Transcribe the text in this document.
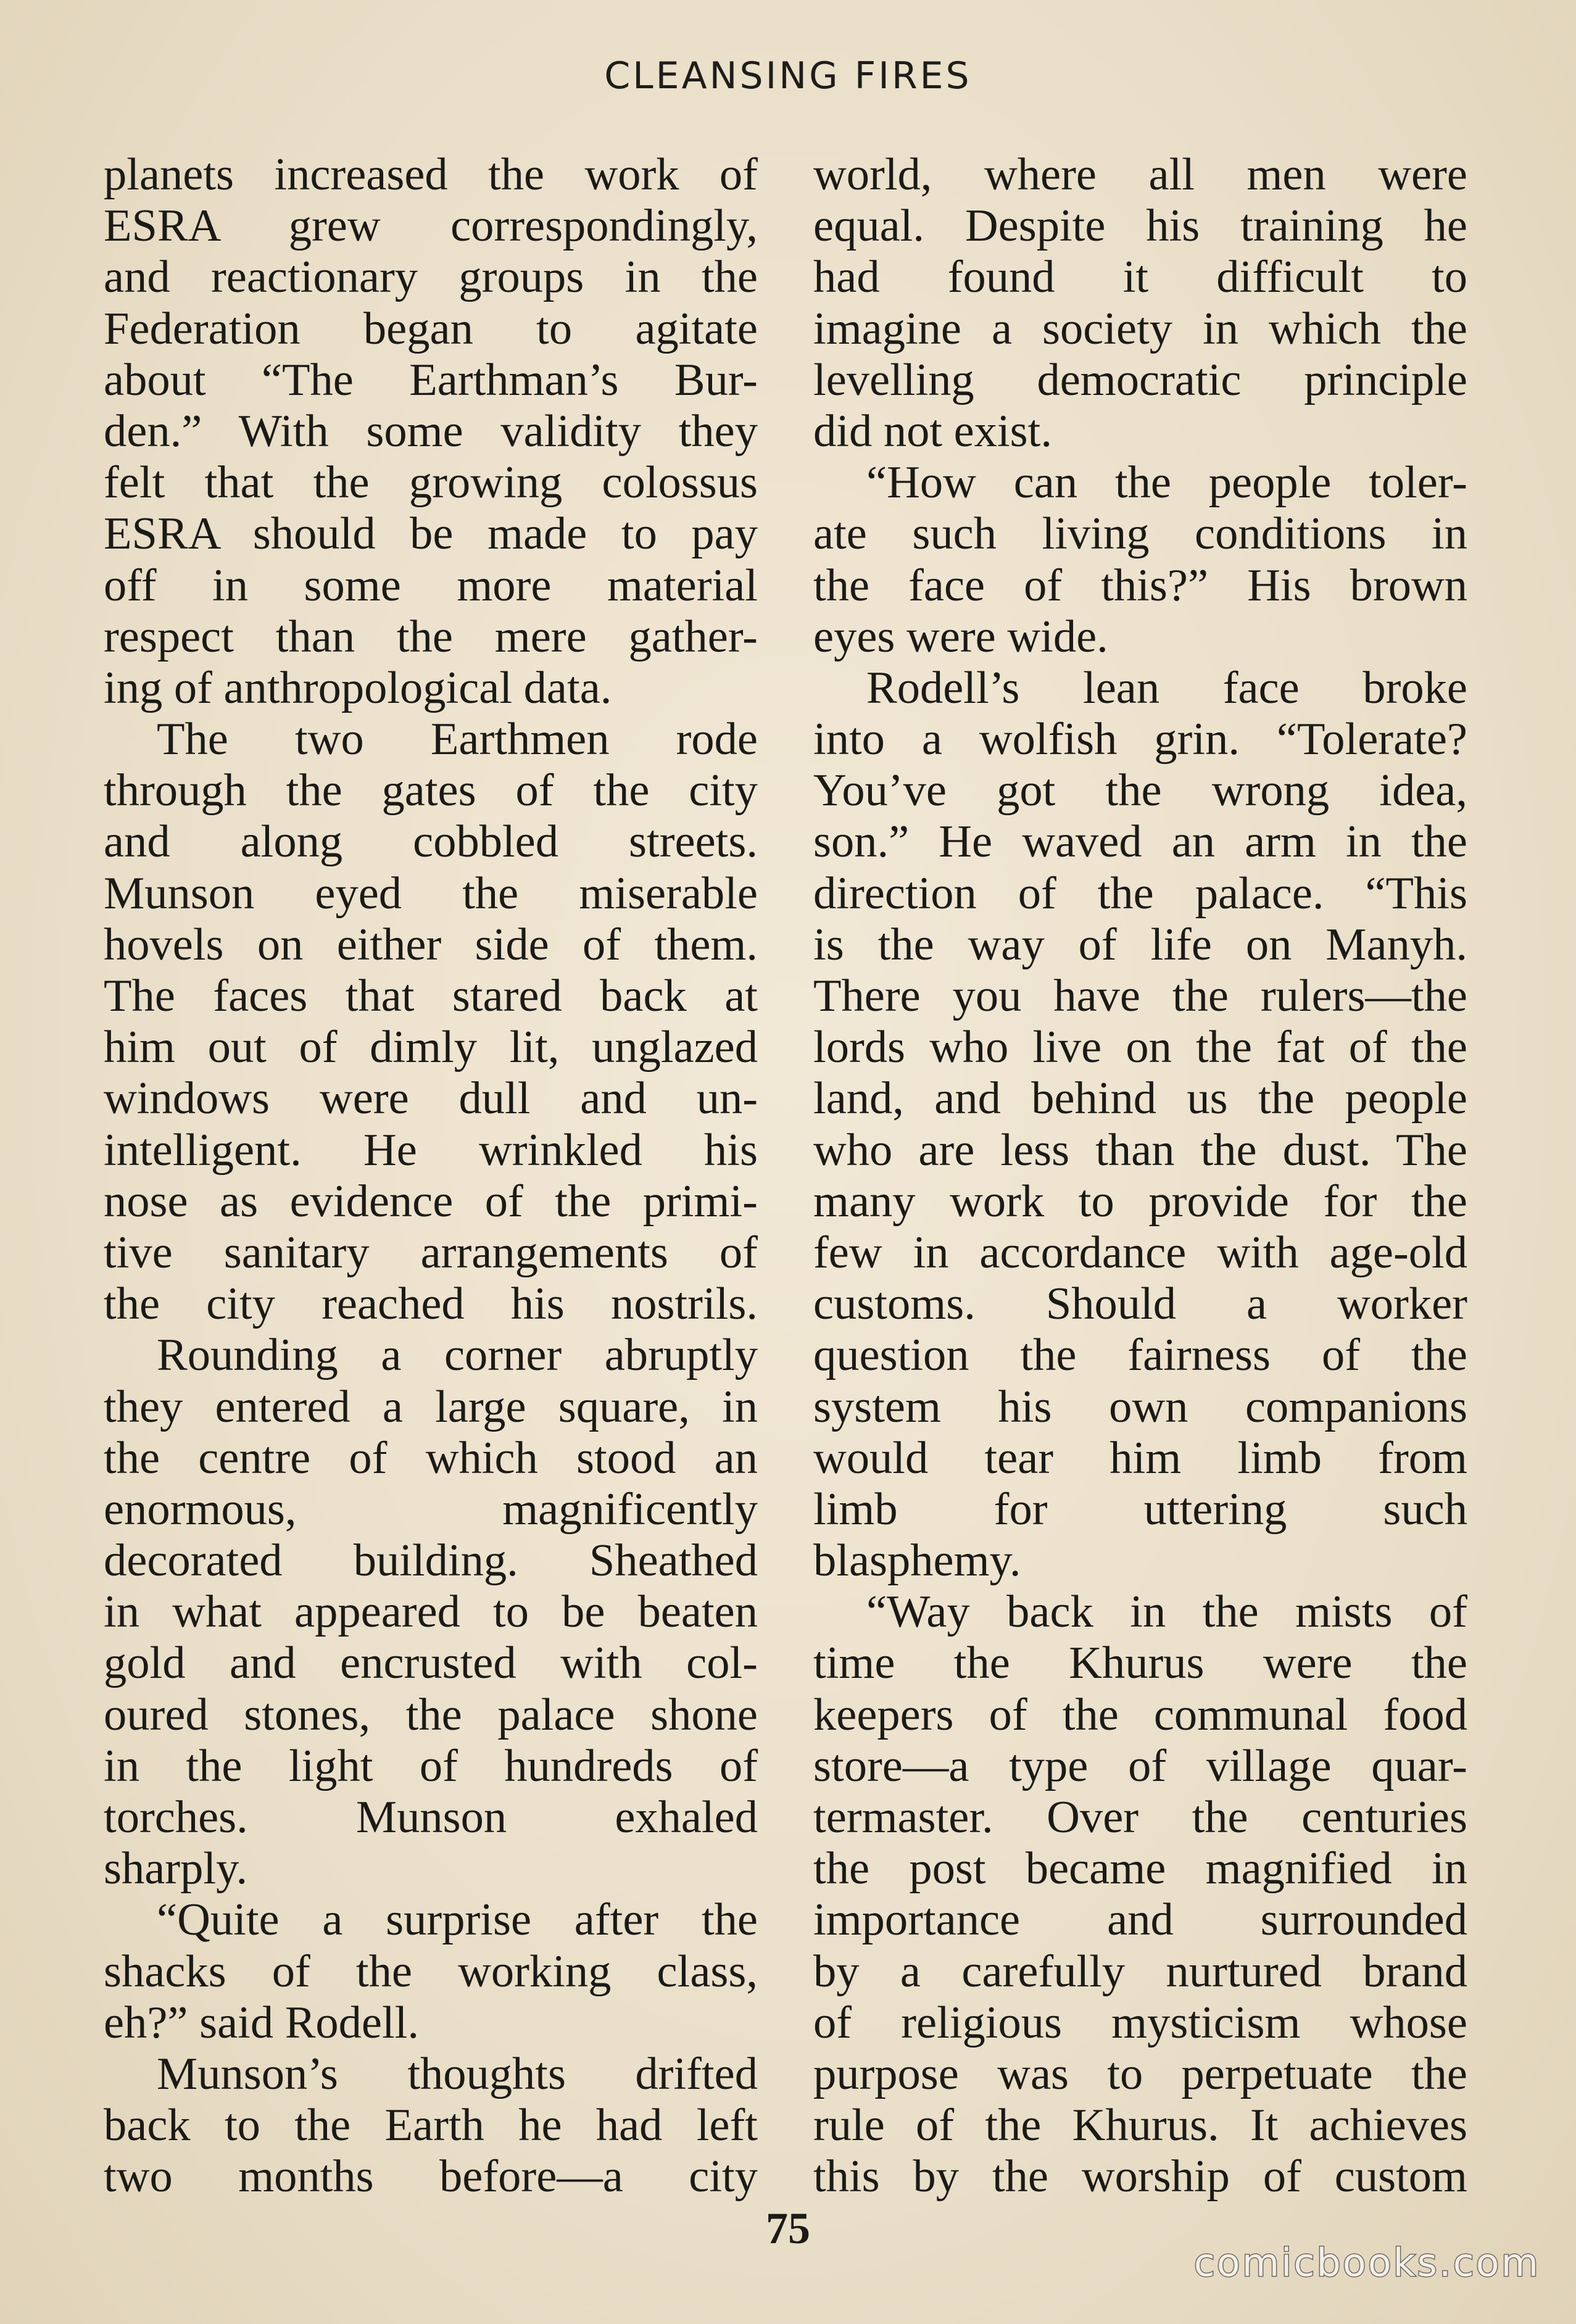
CLEANSING FIRES
planets increased the work of
ESRA grew correspondingly,
and reactionary groups in the
Federation began to agitate
about “The Earthman’s Bur-
den.” With some validity they
felt that the growing colossus
ESRA should be made to pay
off in some more material
respect than the mere gather-
ing of anthropological data.
The two Earthmen rode
through the gates of the city
and along cobbled streets.
Munson eyed the miserable
hovels on either side of them.
The faces that stared back at
him out of dimly lit, unglazed
windows were dull and un-
intelligent. He wrinkled his
nose as evidence of the primi-
tive sanitary arrangements of
the city reached his nostrils.
Rounding a corner abruptly
they entered a large square, in
the centre of which stood an
enormous, magnificently
decorated building. Sheathed
in what appeared to be beaten
gold and encrusted with col-
oured stones, the palace shone
in the light of hundreds of
torches. Munson exhaled
sharply.
“Quite a surprise after the
shacks of the working class,
eh?” said Rodell.
Munson’s thoughts drifted
back to the Earth he had left
two months before—a city
world, where all men were
equal. Despite his training he
had found it difficult to
imagine a society in which the
levelling democratic principle
did not exist.
“How can the people toler-
ate such living conditions in
the face of this?” His brown
eyes were wide.
Rodell’s lean face broke
into a wolfish grin. “Tolerate?
You’ve got the wrong idea,
son.” He waved an arm in the
direction of the palace. “This
is the way of life on Manyh.
There you have the rulers—the
lords who live on the fat of the
land, and behind us the people
who are less than the dust. The
many work to provide for the
few in accordance with age-old
customs. Should a worker
question the fairness of the
system his own companions
would tear him limb from
limb for uttering such
blasphemy.
“Way back in the mists of
time the Khurus were the
keepers of the communal food
store—a type of village quar-
termaster. Over the centuries
the post became magnified in
importance and surrounded
by a carefully nurtured brand
of religious mysticism whose
purpose was to perpetuate the
rule of the Khurus. It achieves
this by the worship of custom
75
comicbooks.com
